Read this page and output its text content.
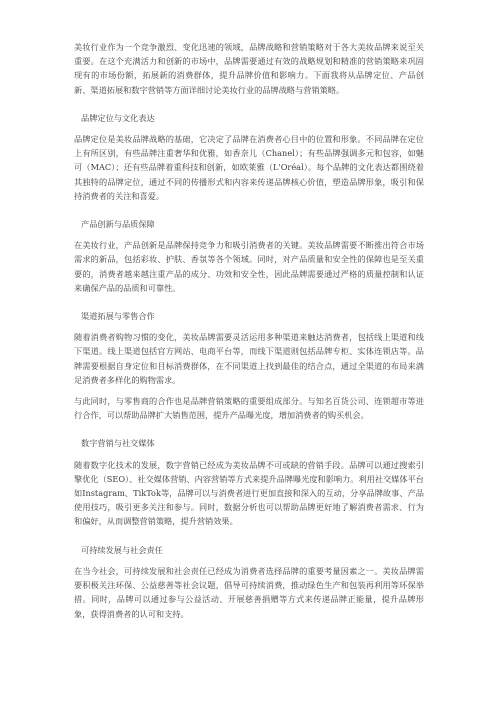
美妆行业作为一个竞争激烈、变化迅速的领域，品牌战略和营销策略对于各大美妆品牌来说至关重要。在这个充满活力和创新的市场中，品牌需要通过有效的战略规划和精准的营销策略来巩固现有的市场份额，拓展新的消费群体，提升品牌价值和影响力。下面我将从品牌定位、产品创新、渠道拓展和数字营销等方面详细讨论美妆行业的品牌战略与营销策略。

品牌定位与文化表达

品牌定位是美妆品牌战略的基础，它决定了品牌在消费者心目中的位置和形象。不同品牌在定位上有所区别，有些品牌注重奢华和优雅，如香奈儿（Chanel）；有些品牌强调多元和包容，如魅可（MAC）；还有些品牌着重科技和创新，如欧莱雅（L'Oréal）。每个品牌的文化表达都围绕着其独特的品牌定位，通过不同的传播形式和内容来传递品牌核心价值，塑造品牌形象，吸引和保持消费者的关注和喜爱。

产品创新与品质保障

在美妆行业，产品创新是品牌保持竞争力和吸引消费者的关键。美妆品牌需要不断推出符合市场需求的新品，包括彩妆、护肤、香氛等各个领域。同时，对产品质量和安全性的保障也是至关重要的，消费者越来越注重产品的成分、功效和安全性，因此品牌需要通过严格的质量控制和认证来确保产品的品质和可靠性。

渠道拓展与零售合作

随着消费者购物习惯的变化，美妆品牌需要灵活运用多种渠道来触达消费者，包括线上渠道和线下渠道。线上渠道包括官方网站、电商平台等，而线下渠道则包括品牌专柜、实体连锁店等。品牌需要根据自身定位和目标消费群体，在不同渠道上找到最佳的结合点，通过全渠道的布局来满足消费者多样化的购物需求。

与此同时，与零售商的合作也是品牌营销策略的重要组成部分。与知名百货公司、连锁超市等进行合作，可以帮助品牌扩大销售范围，提升产品曝光度，增加消费者的购买机会。

数字营销与社交媒体

随着数字化技术的发展，数字营销已经成为美妆品牌不可或缺的营销手段。品牌可以通过搜索引擎优化（SEO）、社交媒体营销、内容营销等方式来提升品牌曝光度和影响力。利用社交媒体平台如Instagram、TikTok等，品牌可以与消费者进行更加直接和深入的互动，分享品牌故事、产品使用技巧，吸引更多关注和参与。同时，数据分析也可以帮助品牌更好地了解消费者需求、行为和偏好，从而调整营销策略，提升营销效果。

可持续发展与社会责任

在当今社会，可持续发展和社会责任已经成为消费者选择品牌的重要考量因素之一。美妆品牌需要积极关注环保、公益慈善等社会议题，倡导可持续消费，推动绿色生产和包装再利用等环保举措。同时，品牌可以通过参与公益活动、开展慈善捐赠等方式来传递品牌正能量，提升品牌形象，获得消费者的认可和支持。
